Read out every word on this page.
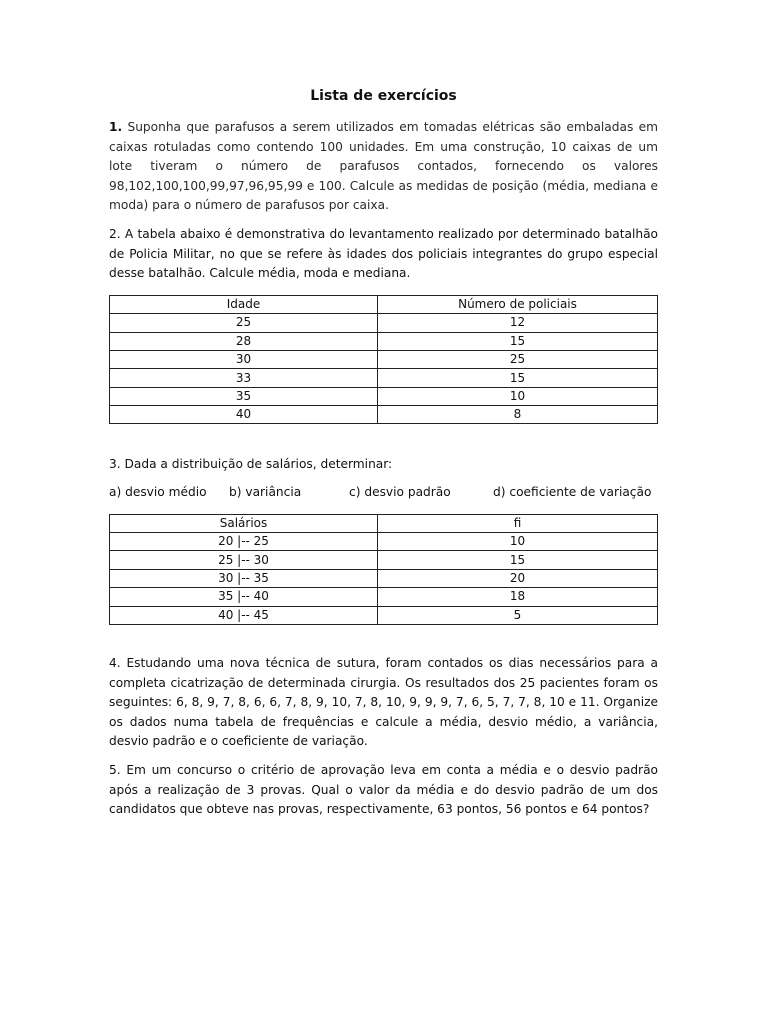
Lista de exercícios

1. Suponha que parafusos a serem utilizados em tomadas elétricas são embaladas em caixas rotuladas como contendo 100 unidades. Em uma construção, 10 caixas de um lote tiveram o número de parafusos contados, fornecendo os valores 98,102,100,100,99,97,96,95,99 e 100. Calcule as medidas de posição (média, mediana e moda) para o número de parafusos por caixa.

2. A tabela abaixo é demonstrativa do levantamento realizado por determinado batalhão de Policia Militar, no que se refere às idades dos policiais integrantes do grupo especial desse batalhão. Calcule média, moda e mediana.

Idade	Número de policiais
25	12
28	15
30	25
33	15
35	10
40	8

3. Dada a distribuição de salários, determinar:

a) desvio médio	b) variância	c) desvio padrão	d) coeficiente de variação
Salários	fi
20 |-- 25	10
25 |-- 30	15
30 |-- 35	20
35 |-- 40	18
40 |-- 45	5

4. Estudando uma nova técnica de sutura, foram contados os dias necessários para a completa cicatrização de determinada cirurgia. Os resultados dos 25 pacientes foram os seguintes: 6, 8, 9, 7, 8, 6, 6, 7, 8, 9, 10, 7, 8, 10, 9, 9, 9, 7, 6, 5, 7, 7, 8, 10 e 11. Organize os dados numa tabela de frequências e calcule a média, desvio médio, a variância, desvio padrão e o coeficiente de variação.

5. Em um concurso o critério de aprovação leva em conta a média e o desvio padrão após a realização de 3 provas. Qual o valor da média e do desvio padrão de um dos candidatos que obteve nas provas, respectivamente, 63 pontos, 56 pontos e 64 pontos?
